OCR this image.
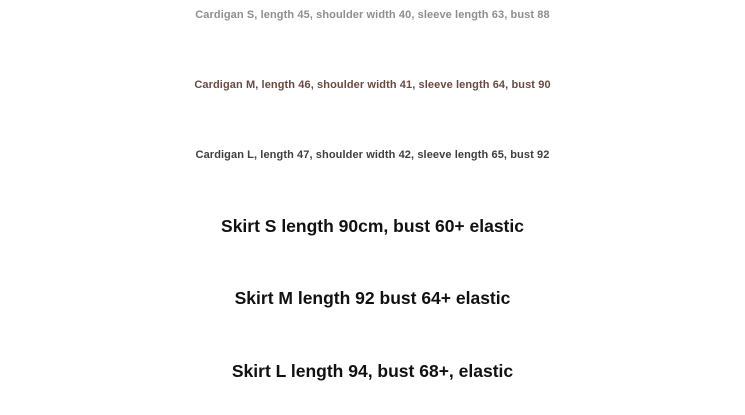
Cardigan S, length 45, shoulder width 40, sleeve length 63, bust 88
Cardigan M, length 46, shoulder width 41, sleeve length 64, bust 90
Cardigan L, length 47, shoulder width 42, sleeve length 65, bust 92
Skirt S length 90cm, bust 60+ elastic
Skirt M length 92 bust 64+ elastic
Skirt L length 94, bust 68+, elastic
